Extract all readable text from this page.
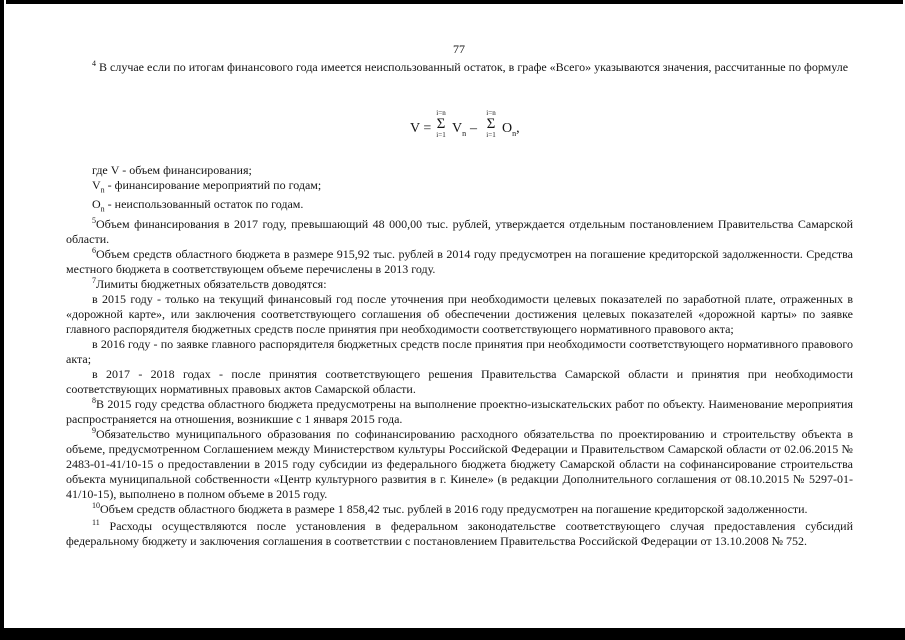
77

$^4$ В случае если по итогам финансового года имеется неиспользованный остаток, в графе «Всего» указываются значения, рассчитанные по формуле

V =
i=n
Σ
i=1 $V_n$ –
i=n
Σ
i=1 $O_n$,

где V - объем финансирования;

$V_n$ - финансирование мероприятий по годам;

$О_n$ - неиспользованный остаток по годам.

$^5$Объем финансирования в 2017 году, превышающий 48 000,00 тыс. рублей, утверждается отдельным постановлением Правительства Самарской области.

$^6$Объем средств областного бюджета в размере 915,92 тыс. рублей в 2014 году предусмотрен на погашение кредиторской задолженности. Средства местного бюджета в соответствующем объеме перечислены в 2013 году.

$^7$Лимиты бюджетных обязательств доводятся:

в 2015 году - только на текущий финансовый год после уточнения при необходимости целевых показателей по заработной плате, отраженных в «дорожной карте», или заключения соответствующего соглашения об обеспечении достижения целевых показателей «дорожной карты» по заявке главного распорядителя бюджетных средств после принятия при необходимости соответствующего нормативного правового акта;

в 2016 году - по заявке главного распорядителя бюджетных средств после принятия при необходимости соответствующего нормативного правового акта;

в 2017 - 2018 годах - после принятия соответствующего решения Правительства Самарской области и принятия при необходимости соответствующих нормативных правовых актов Самарской области.

$^8$В 2015 году средства областного бюджета предусмотрены на выполнение проектно-изыскательских работ по объекту. Наименование мероприятия распространяется на отношения, возникшие с 1 января 2015 года.

$^9$Обязательство муниципального образования по софинансированию расходного обязательства по проектированию и строительству объекта в объеме, предусмотренном Соглашением между Министерством культуры Российской Федерации и Правительством Самарской области от 02.06.2015 № 2483-01-41/10-15 о предоставлении в 2015 году субсидии из федерального бюджета бюджету Самарской области на софинансирование строительства объекта муниципальной собственности «Центр культурного развития в г. Кинеле» (в редакции Дополнительного соглашения от 08.10.2015 № 5297-01-41/10-15), выполнено в полном объеме в 2015 году.

$^{10}$Объем средств областного бюджета в размере 1 858,42 тыс. рублей в 2016 году предусмотрен на погашение кредиторской задолженности.

$^{11}$ Расходы осуществляются после установления в федеральном законодательстве соответствующего случая предоставления субсидий федеральному бюджету и заключения соглашения в соответствии с постановлением Правительства Российской Федерации от 13.10.2008 № 752.
